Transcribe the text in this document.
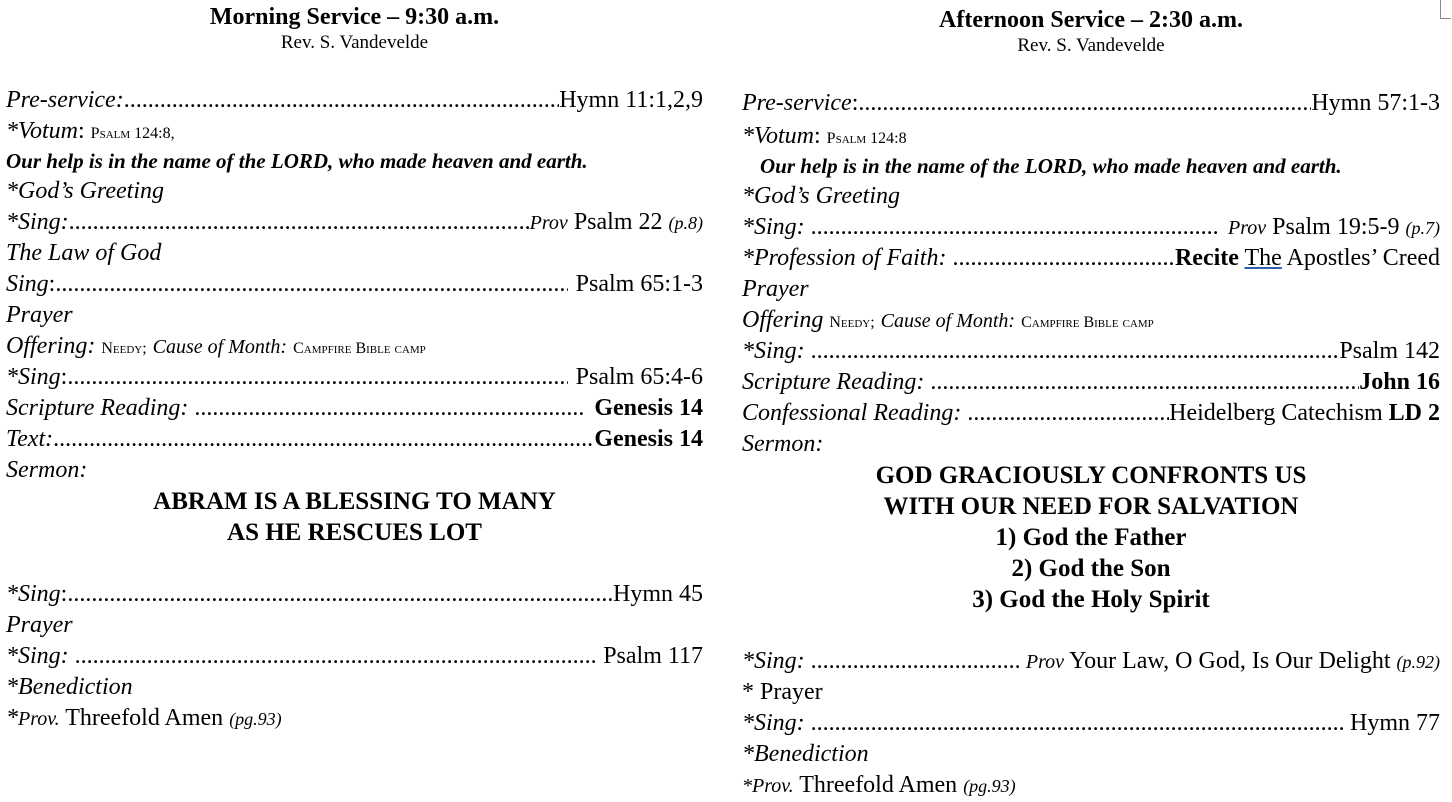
Morning Service – 9:30 a.m.
Rev. S. Vandevelde
Pre-service: .....	Hymn 11:1,2,9
*Votum: Psalm 124:8,
Our help is in the name of the LORD, who made heaven and earth.
*God’s Greeting
*Sing: .....	Prov Psalm 22 (p.8)
The Law of God
Sing: .....	Psalm 65:1-3
Prayer
Offering: Needy; Cause of Month: Campfire Bible camp
*Sing: .....	Psalm 65:4-6
Scripture Reading: .....	Genesis 14
Text: .....	Genesis 14
Sermon:
ABRAM IS A BLESSING TO MANY
AS HE RESCUES LOT
*Sing: .....	Hymn 45
Prayer
*Sing: .....	Psalm 117
*Benediction
*Prov. Threefold Amen (pg.93)
Afternoon Service – 2:30 a.m.
Rev. S. Vandevelde
Pre-service: .....	Hymn 57:1-3
*Votum: Psalm 124:8
Our help is in the name of the LORD, who made heaven and earth.
*God’s Greeting
*Sing: .....	Prov Psalm 19:5-9 (p.7)
*Profession of Faith: .....	Recite The Apostles’ Creed
Prayer
Offering Needy; Cause of Month: Campfire Bible camp
*Sing: .....	Psalm 142
Scripture Reading: .....	John 16
Confessional Reading: .....	Heidelberg Catechism LD 2
Sermon:
GOD GRACIOUSLY CONFRONTS US
WITH OUR NEED FOR SALVATION
1) God the Father
2) God the Son
3) God the Holy Spirit
*Sing: .....	Prov Your Law, O God, Is Our Delight (p.92)
* Prayer
*Sing: .....	Hymn 77
*Benediction
*Prov. Threefold Amen (pg.93)
